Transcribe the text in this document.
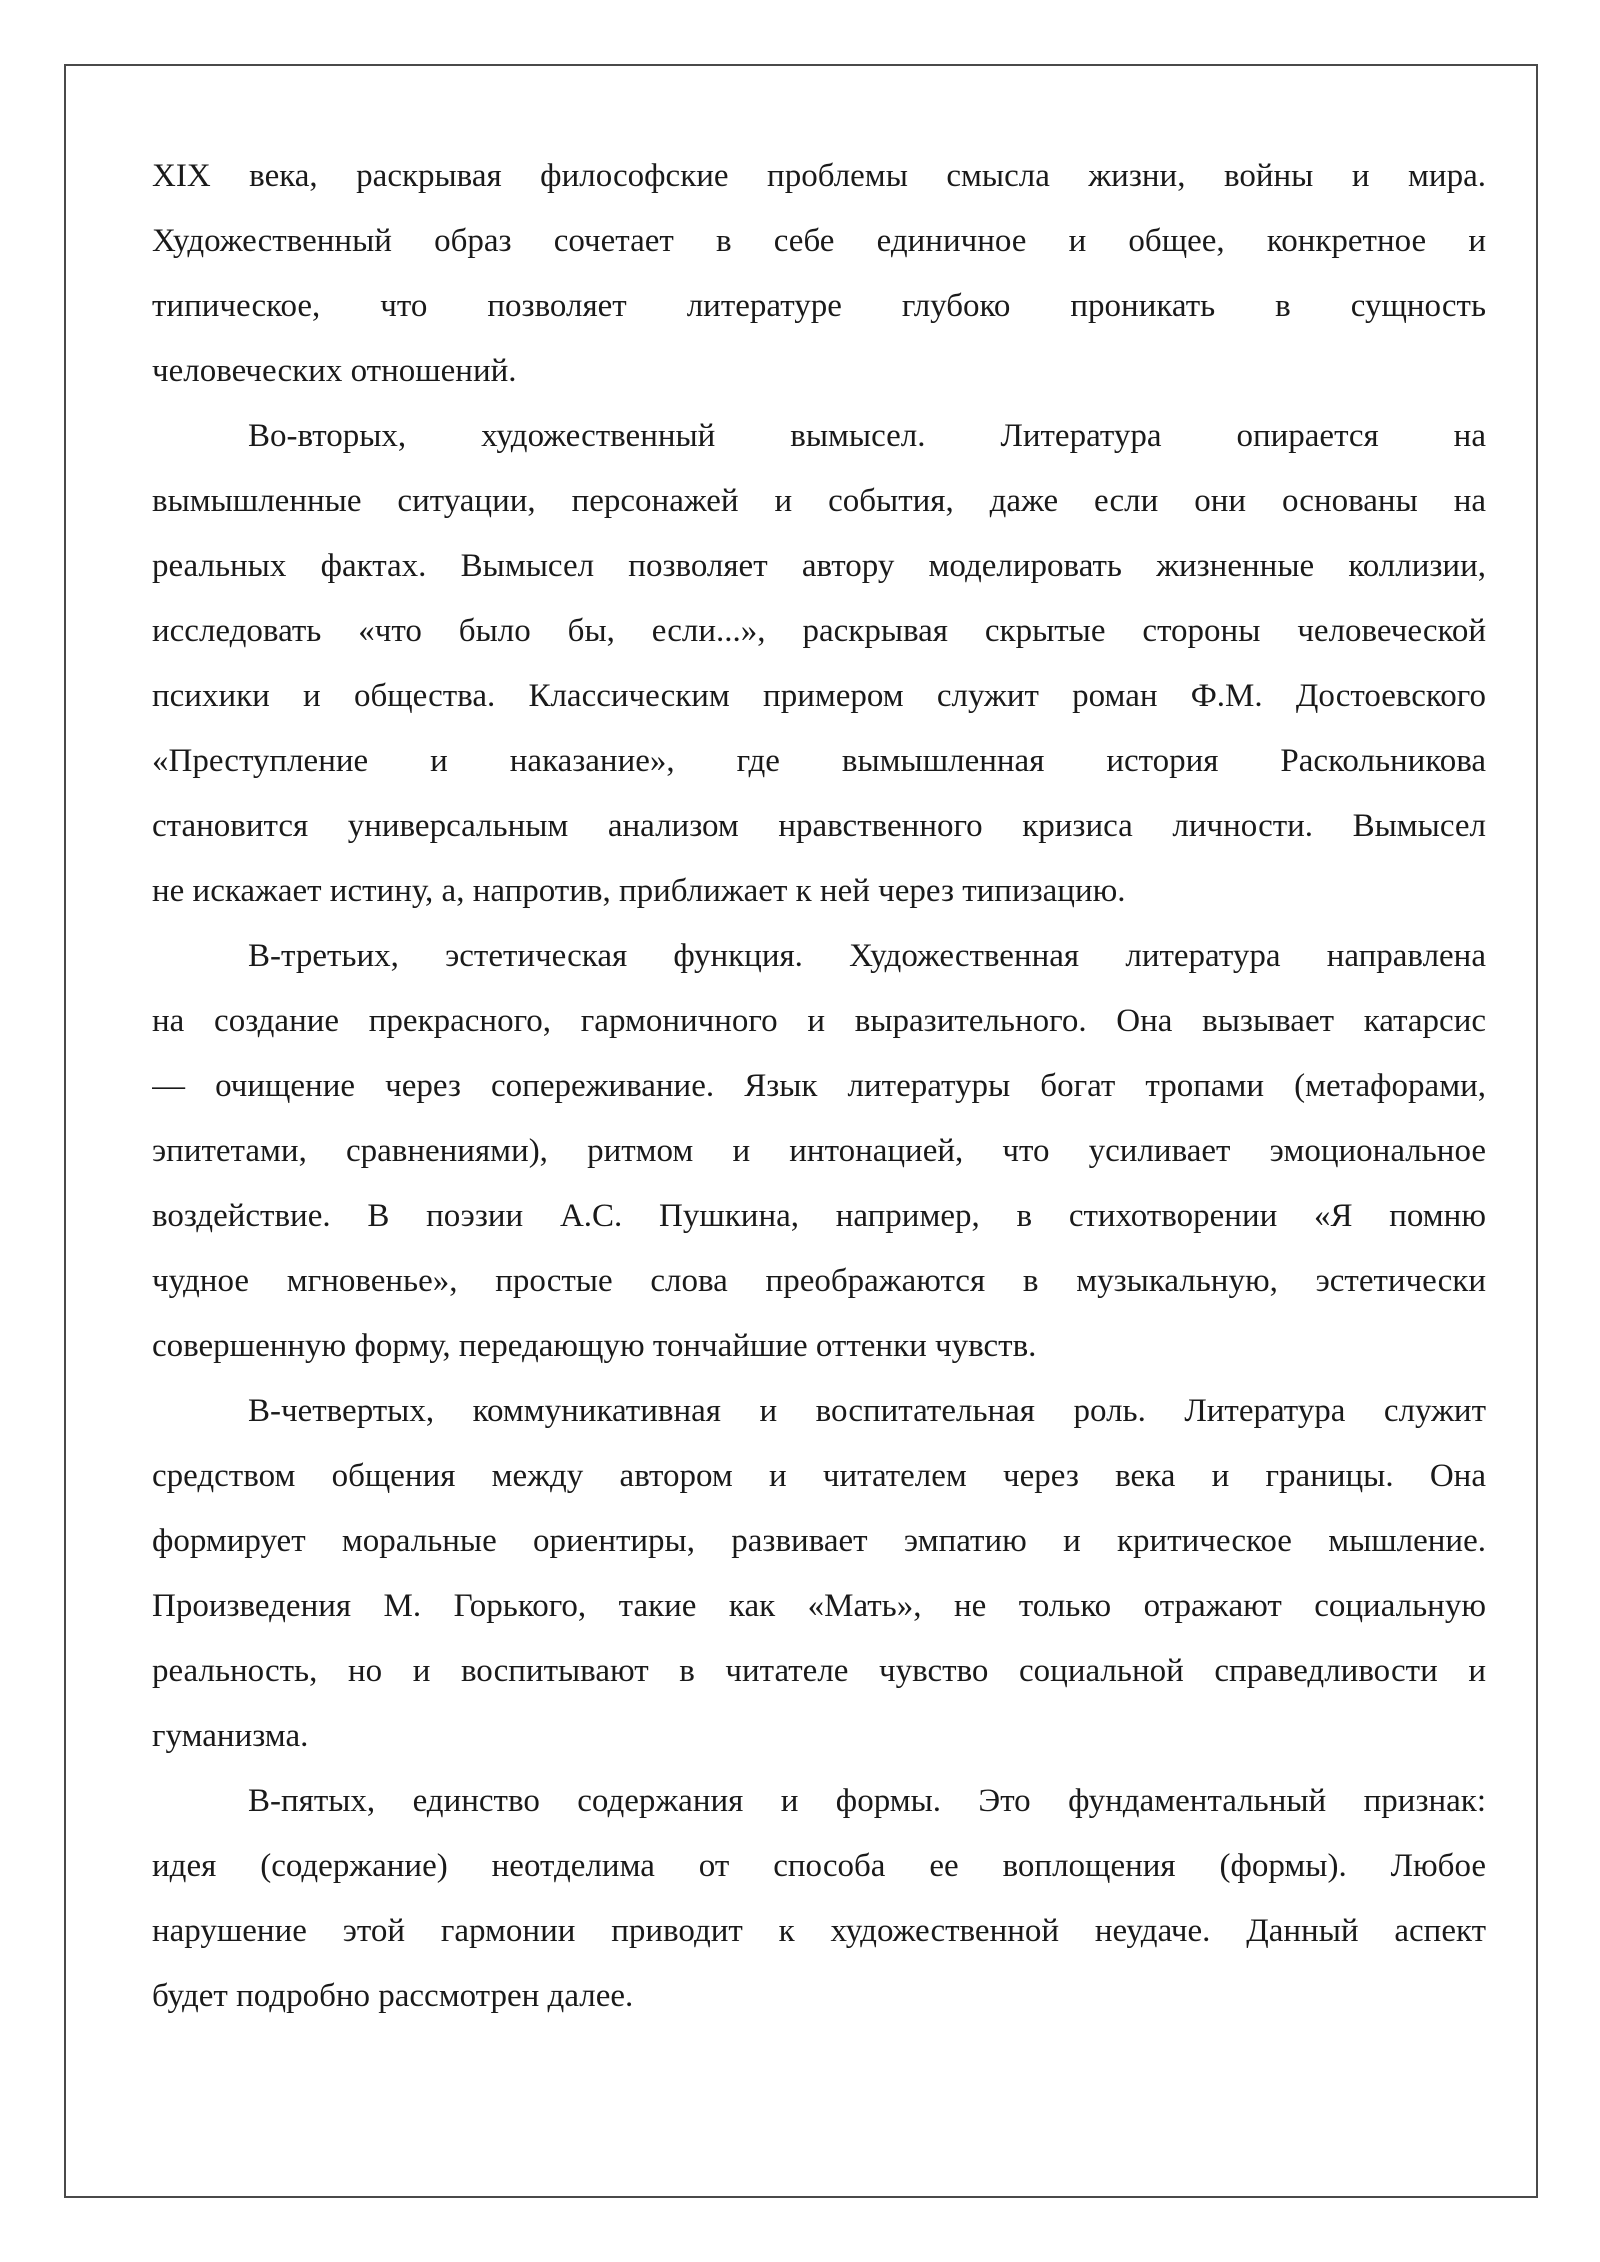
XIX века, раскрывая философские проблемы смысла жизни, войны и мира.
Художественный образ сочетает в себе единичное и общее, конкретное и
типическое, что позволяет литературе глубоко проникать в сущность
человеческих отношений.

Во-вторых, художественный вымысел. Литература опирается на
вымышленные ситуации, персонажей и события, даже если они основаны на
реальных фактах. Вымысел позволяет автору моделировать жизненные коллизии,
исследовать «что было бы, если...», раскрывая скрытые стороны человеческой
психики и общества. Классическим примером служит роман Ф.М. Достоевского
«Преступление и наказание», где вымышленная история Раскольникова
становится универсальным анализом нравственного кризиса личности. Вымысел
не искажает истину, а, напротив, приближает к ней через типизацию.

В-третьих, эстетическая функция. Художественная литература направлена
на создание прекрасного, гармоничного и выразительного. Она вызывает катарсис
— очищение через сопереживание. Язык литературы богат тропами (метафорами,
эпитетами, сравнениями), ритмом и интонацией, что усиливает эмоциональное
воздействие. В поэзии А.С. Пушкина, например, в стихотворении «Я помню
чудное мгновенье», простые слова преображаются в музыкальную, эстетически
совершенную форму, передающую тончайшие оттенки чувств.

В-четвертых, коммуникативная и воспитательная роль. Литература служит
средством общения между автором и читателем через века и границы. Она
формирует моральные ориентиры, развивает эмпатию и критическое мышление.
Произведения М. Горького, такие как «Мать», не только отражают социальную
реальность, но и воспитывают в читателе чувство социальной справедливости и
гуманизма.

В-пятых, единство содержания и формы. Это фундаментальный признак:
идея (содержание) неотделима от способа ее воплощения (формы). Любое
нарушение этой гармонии приводит к художественной неудаче. Данный аспект
будет подробно рассмотрен далее.
